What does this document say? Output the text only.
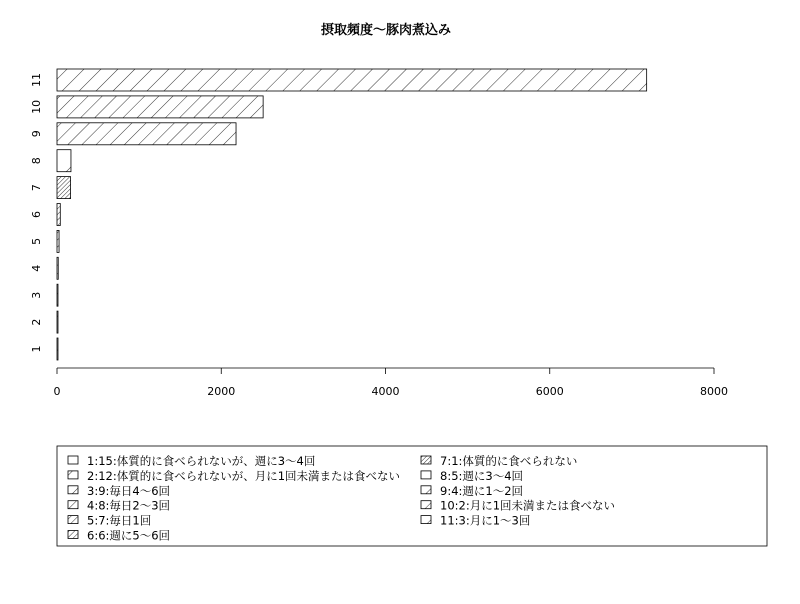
摂取頻度～豚肉煮込み
1
2
3
4
5
6
7
8
9
10
11
0	2000	4000	6000	8000
1:15:体質的に食べられないが、週に3～4回
2:12:体質的に食べられないが、月に1回未満または食べない
3:9:毎日4～6回
4:8:毎日2～3回
5:7:毎日1回
6:6:週に5～6回
7:1:体質的に食べられない
8:5:週に3～4回
9:4:週に1～2回
10:2:月に1回未満または食べない
11:3:月に1～3回
